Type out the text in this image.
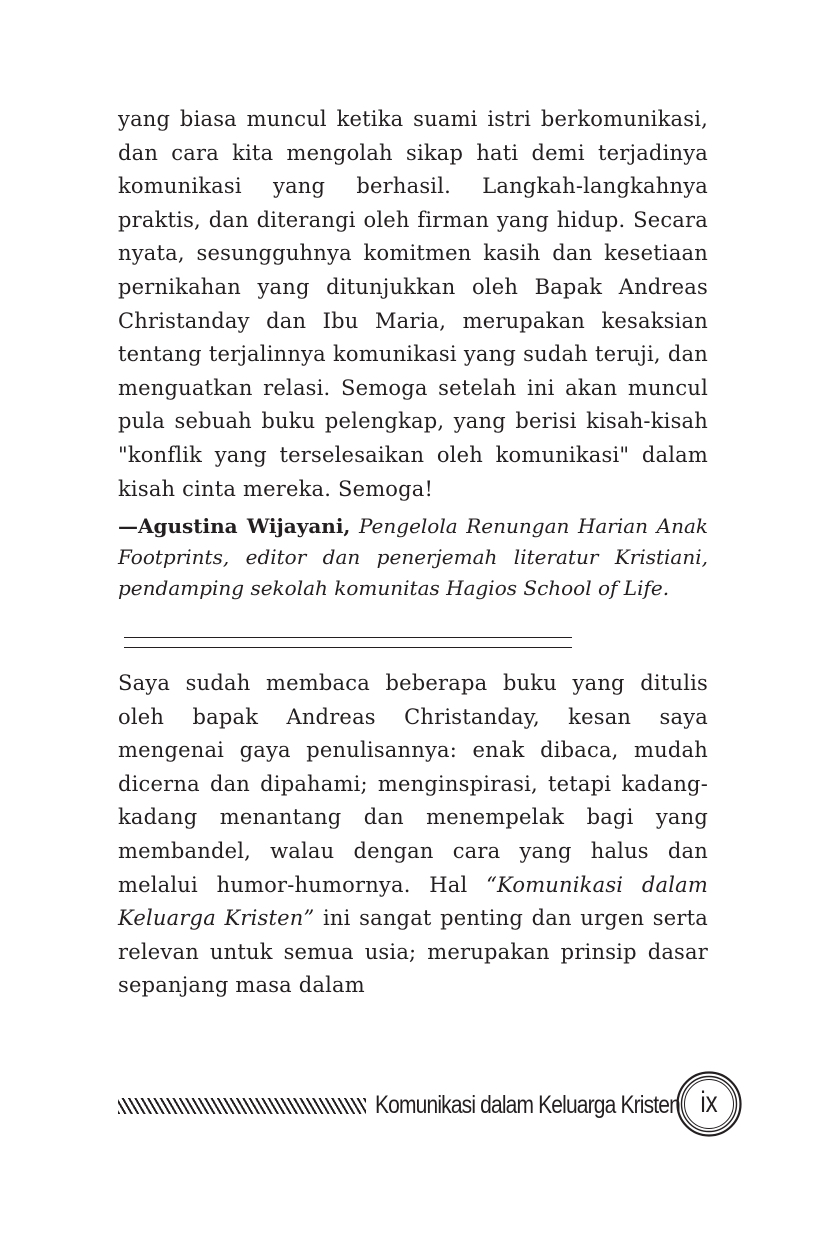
yang biasa muncul ketika suami istri berkomunikasi, dan cara kita mengolah sikap hati demi terjadinya komunikasi yang berhasil. Langkah-langkahnya praktis, dan diterangi oleh firman yang hidup. Secara nyata, sesungguhnya komitmen kasih dan kesetiaan pernikahan yang ditunjukkan oleh Bapak Andreas Christanday dan Ibu Maria, merupakan kesaksian tentang terjalinnya komunikasi yang sudah teruji, dan menguatkan relasi. Semoga setelah ini akan muncul pula sebuah buku pelengkap, yang berisi kisah-kisah "konflik yang terselesaikan oleh komunikasi" dalam kisah cinta mereka. Semoga!

—Agustina Wijayani, Pengelola Renungan Harian Anak Footprints, editor dan penerjemah literatur Kristiani, pendamping sekolah komunitas Hagios School of Life.

Saya sudah membaca beberapa buku yang ditulis oleh bapak Andreas Christanday, kesan saya mengenai gaya penulisannya: enak dibaca, mudah dicerna dan dipahami; menginspirasi, tetapi kadang-kadang menantang dan menempelak bagi yang membandel, walau dengan cara yang halus dan melalui humor-humornya. Hal “Komunikasi dalam Keluarga Kristen” ini sangat penting dan urgen serta relevan untuk semua usia; merupakan prinsip dasar sepanjang masa dalam

Komunikasi dalam Keluarga Kristen ix
